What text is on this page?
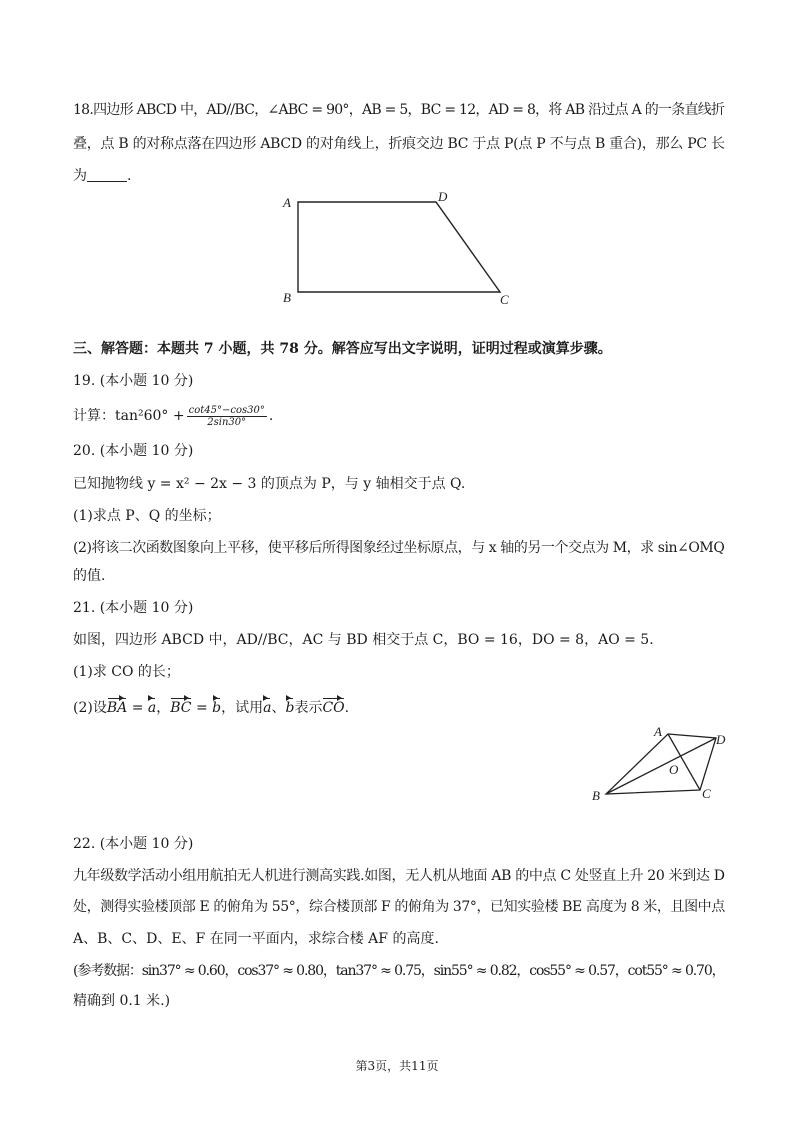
18.四边形 ABCD 中，AD//BC，∠ABC = 90°，AB = 5，BC = 12，AD = 8，将 AB 沿过点 A 的一条直线折
叠，点 B 的对称点落在四边形 ABCD 的对角线上，折痕交边 BC 于点 P(点 P 不与点 B 重合)，那么 PC 长
为	.
A	D
B	C
三、解答题：本题共 7 小题，共 78 分。解答应写出文字说明，证明过程或演算步骤。
19. (本小题 10 分)
计算：$\tan^260^\circ + \frac{\cot 45^\circ-\cos 30^\circ}{2\sin 30^\circ}$ .
20. (本小题 10 分)
已知抛物线 y = x² − 2x − 3 的顶点为 P，与 y 轴相交于点 Q.
(1)求点 P、Q 的坐标；
(2)将该二次函数图象向上平移，使平移后所得图象经过坐标原点，与 x 轴的另一个交点为 M，求 sin∠OMQ
的值.
21. (本小题 10 分)
如图，四边形 ABCD 中，AD//BC，AC 与 BD 相交于点 C，BO = 16，DO = 8，AO = 5.
(1)求 CO 的长；
(2)设BA = a，BC = b，试用a、b表示CO.
A
D
O
B	C
22. (本小题 10 分)
九年级数学活动小组用航拍无人机进行测高实践.如图，无人机从地面 AB 的中点 C 处竖直上升 20 米到达 D
处，测得实验楼顶部 E 的俯角为 55°，综合楼顶部 F 的俯角为 37°，已知实验楼 BE 高度为 8 米，且图中点
A、B、C、D、E、F 在同一平面内，求综合楼 AF 的高度.
(参考数据：sin37° ≈ 0.60，cos37° ≈ 0.80，tan37° ≈ 0.75，sin55° ≈ 0.82，cos55° ≈ 0.57，cot55° ≈ 0.70，
精确到 0.1 米.)
第3页，共11页
